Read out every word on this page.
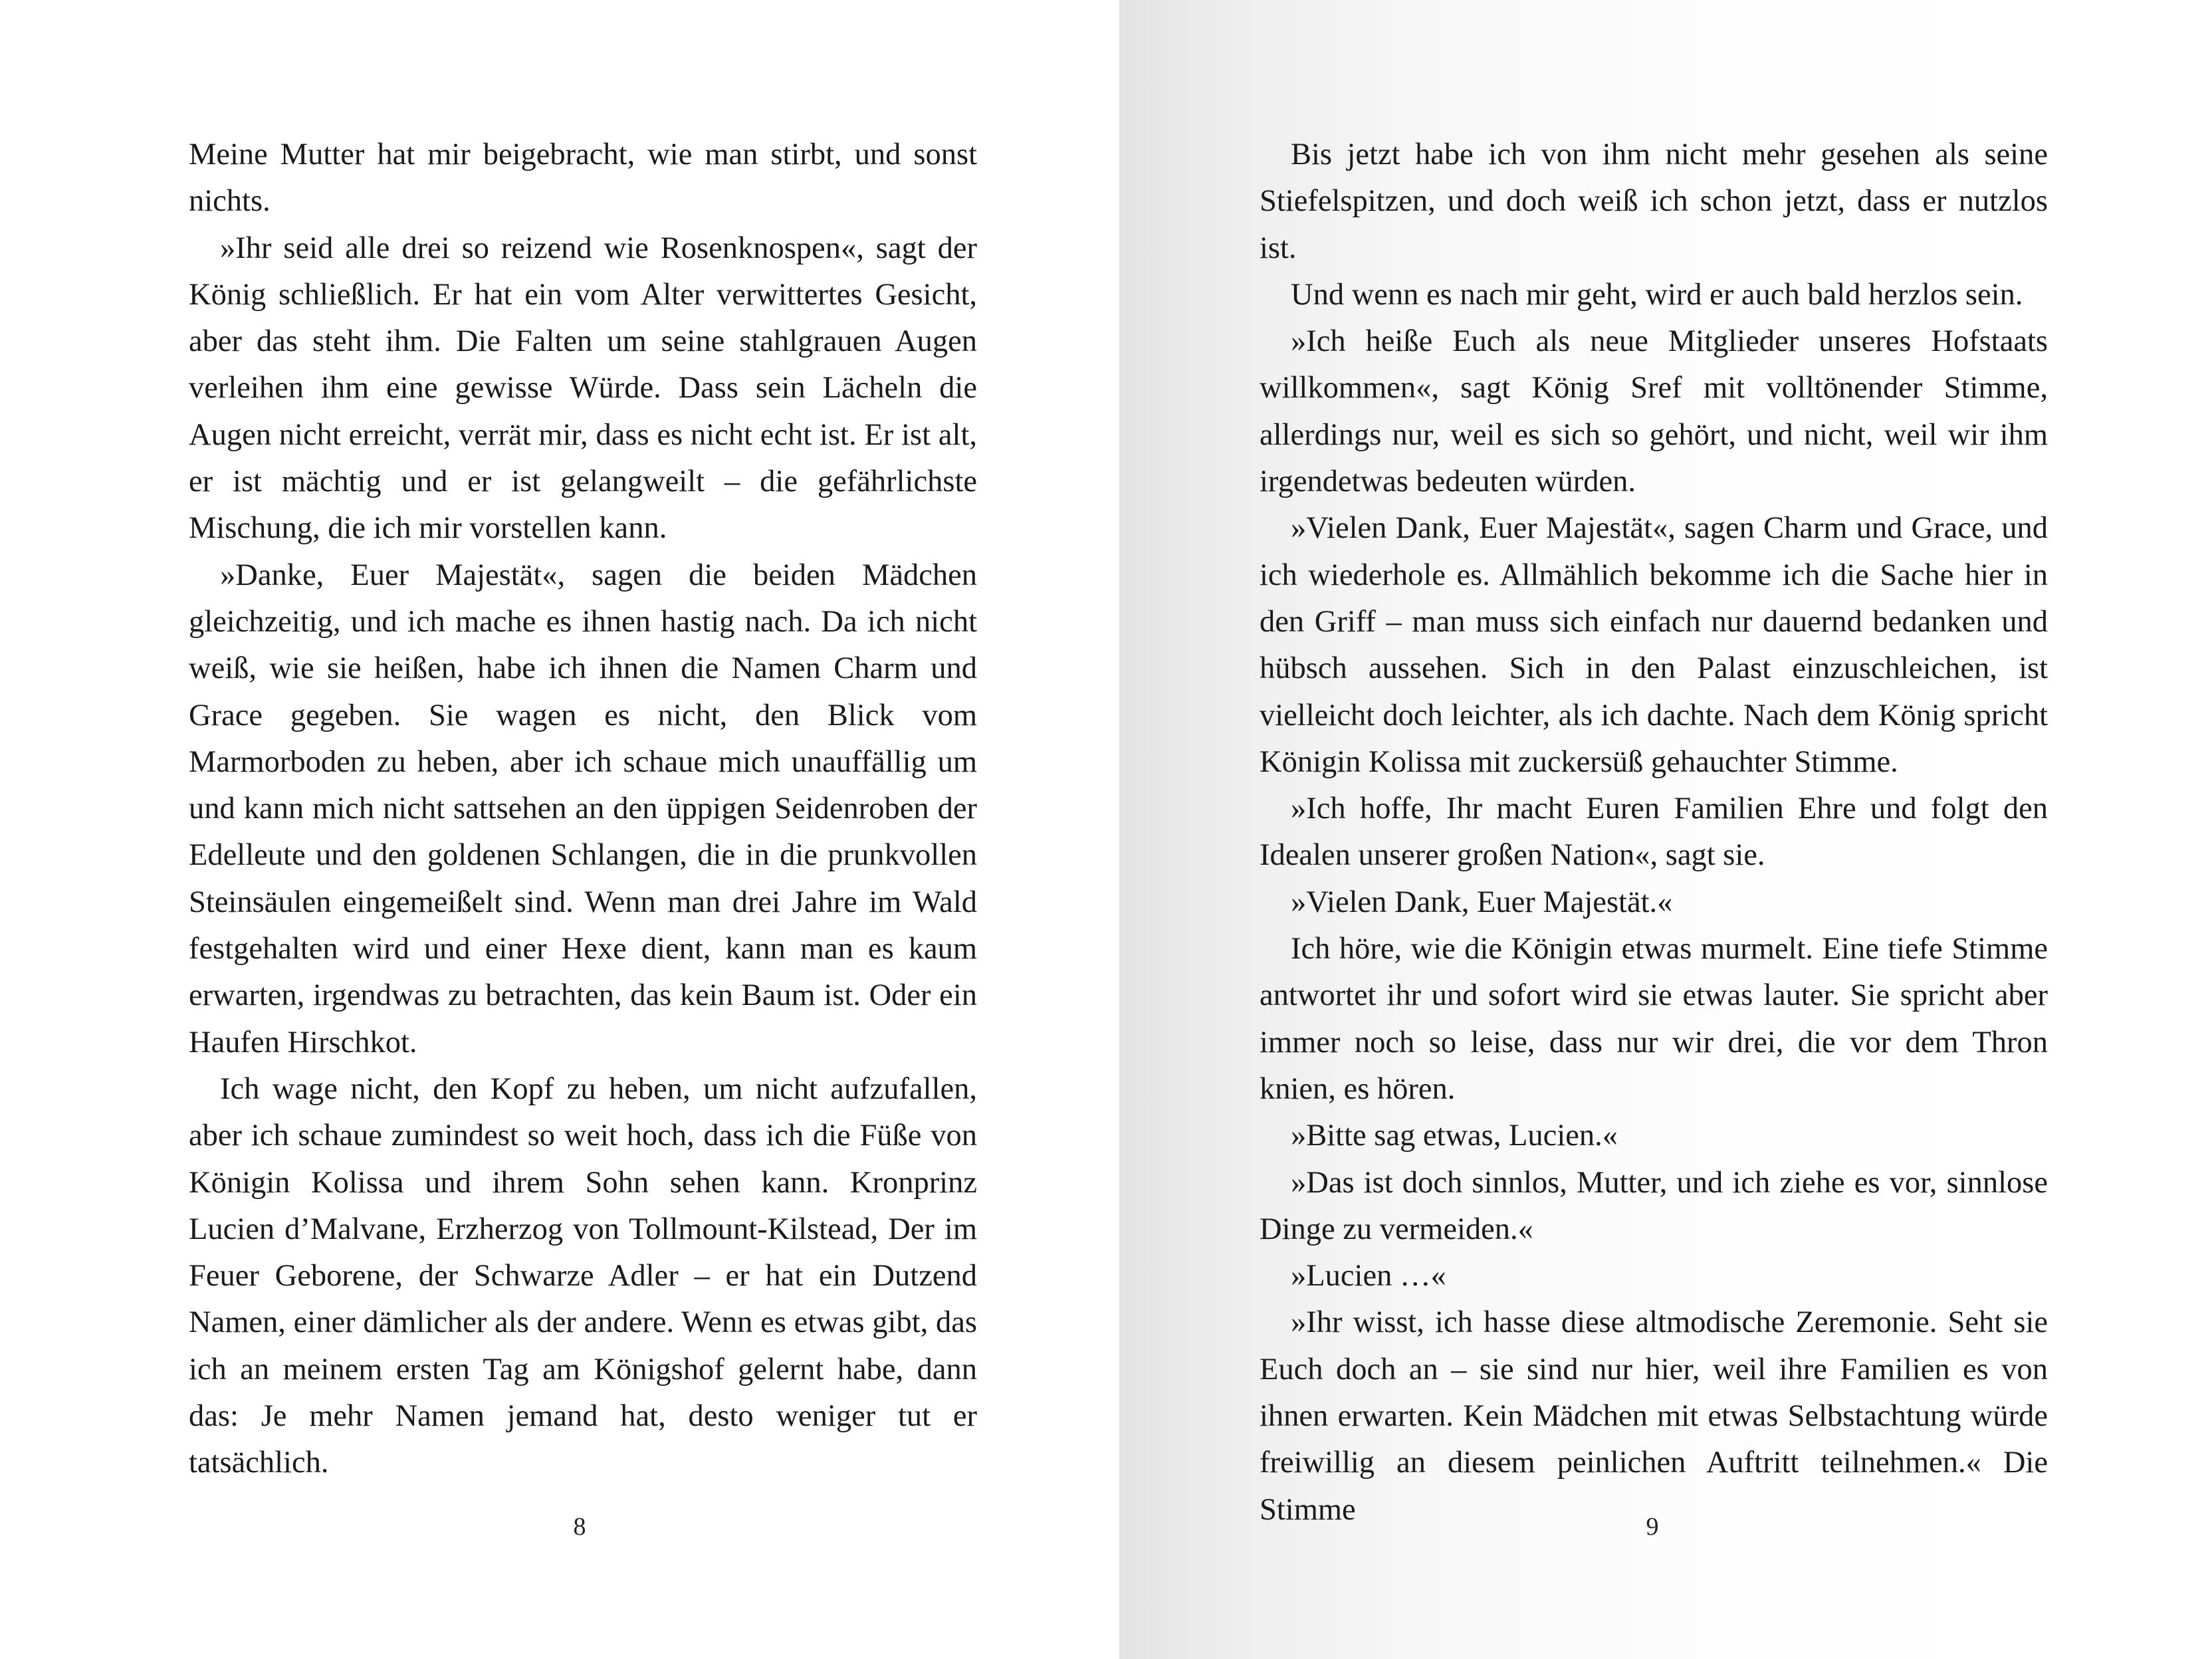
Meine Mutter hat mir beigebracht, wie man stirbt, und sonst nichts.

»Ihr seid alle drei so reizend wie Rosenknospen«, sagt der König schließlich. Er hat ein vom Alter verwittertes Gesicht, aber das steht ihm. Die Falten um seine stahlgrauen Augen verleihen ihm eine gewisse Würde. Dass sein Lächeln die Augen nicht erreicht, verrät mir, dass es nicht echt ist. Er ist alt, er ist mächtig und er ist gelangweilt – die gefährlichste Mischung, die ich mir vorstellen kann.

»Danke, Euer Majestät«, sagen die beiden Mädchen gleichzeitig, und ich mache es ihnen hastig nach. Da ich nicht weiß, wie sie heißen, habe ich ihnen die Namen Charm und Grace gegeben. Sie wagen es nicht, den Blick vom Marmorboden zu heben, aber ich schaue mich unauffällig um und kann mich nicht sattsehen an den üppigen Seidenroben der Edelleute und den goldenen Schlangen, die in die prunkvollen Steinsäulen eingemeißelt sind. Wenn man drei Jahre im Wald festgehalten wird und einer Hexe dient, kann man es kaum erwarten, irgendwas zu betrachten, das kein Baum ist. Oder ein Haufen Hirschkot.

Ich wage nicht, den Kopf zu heben, um nicht aufzufallen, aber ich schaue zumindest so weit hoch, dass ich die Füße von Königin Kolissa und ihrem Sohn sehen kann. Kronprinz Lucien d’Malvane, Erzherzog von Tollmount-Kilstead, Der im Feuer Geborene, der Schwarze Adler – er hat ein Dutzend Namen, einer dämlicher als der andere. Wenn es etwas gibt, das ich an meinem ersten Tag am Königshof gelernt habe, dann das: Je mehr Namen jemand hat, desto weniger tut er tatsächlich.

8

Bis jetzt habe ich von ihm nicht mehr gesehen als seine Stiefelspitzen, und doch weiß ich schon jetzt, dass er nutzlos ist.

Und wenn es nach mir geht, wird er auch bald herzlos sein.

»Ich heiße Euch als neue Mitglieder unseres Hofstaats willkommen«, sagt König Sref mit volltönender Stimme, allerdings nur, weil es sich so gehört, und nicht, weil wir ihm irgendetwas bedeuten würden.

»Vielen Dank, Euer Majestät«, sagen Charm und Grace, und ich wiederhole es. Allmählich bekomme ich die Sache hier in den Griff – man muss sich einfach nur dauernd bedanken und hübsch aussehen. Sich in den Palast einzuschleichen, ist vielleicht doch leichter, als ich dachte. Nach dem König spricht Königin Kolissa mit zuckersüß gehauchter Stimme.

»Ich hoffe, Ihr macht Euren Familien Ehre und folgt den Idealen unserer großen Nation«, sagt sie.

»Vielen Dank, Euer Majestät.«

Ich höre, wie die Königin etwas murmelt. Eine tiefe Stimme antwortet ihr und sofort wird sie etwas lauter. Sie spricht aber immer noch so leise, dass nur wir drei, die vor dem Thron knien, es hören.

»Bitte sag etwas, Lucien.«

»Das ist doch sinnlos, Mutter, und ich ziehe es vor, sinnlose Dinge zu vermeiden.«

»Lucien …«

»Ihr wisst, ich hasse diese altmodische Zeremonie. Seht sie Euch doch an – sie sind nur hier, weil ihre Familien es von ihnen erwarten. Kein Mädchen mit etwas Selbstachtung würde freiwillig an diesem peinlichen Auftritt teilnehmen.« Die Stimme

9
